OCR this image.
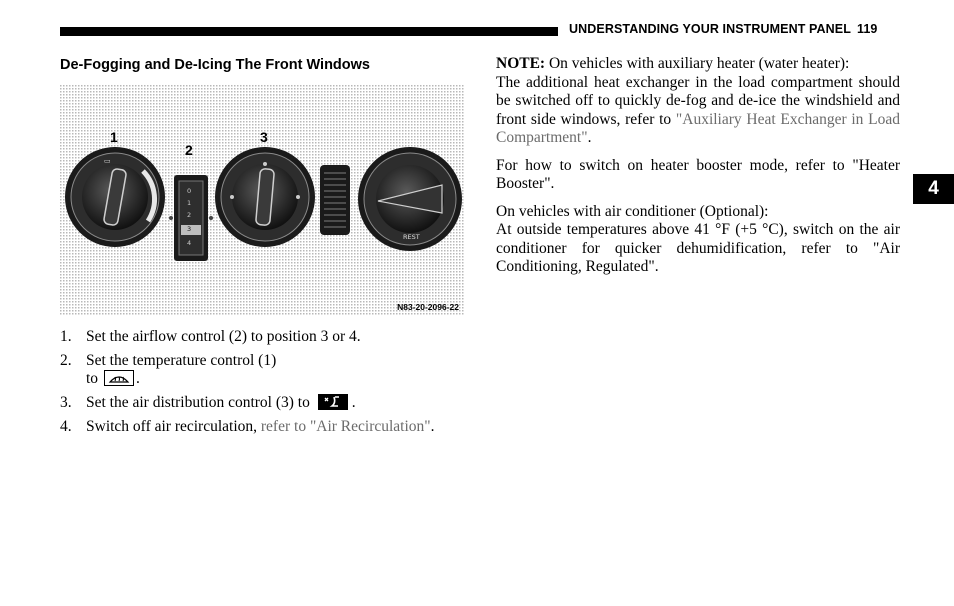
UNDERSTANDING YOUR INSTRUMENT PANEL 119
4
De-Fogging and De-Icing The Front Windows
▭
0
1
2
3
4
REST
1
2
3
N83-20-2096-22
1. Set the airflow control (2) to position 3 or 4.
2. Set the temperature control (1)
to .
3. Set the air distribution control (3) to	.
4. Switch off air recirculation, refer to "Air Recirculation".

NOTE: On vehicles with auxiliary heater (water heater):
The additional heat exchanger in the load compartment should be switched off to quickly de-fog and de-ice the windshield and front side windows, refer to "Auxiliary Heat Exchanger in Load Compartment".

For how to switch on heater booster mode, refer to "Heater Booster".

On vehicles with air conditioner (Optional):
At outside temperatures above 41 °F (+5 °C), switch on the air conditioner for quicker dehumidification, refer to "Air Conditioning, Regulated".
